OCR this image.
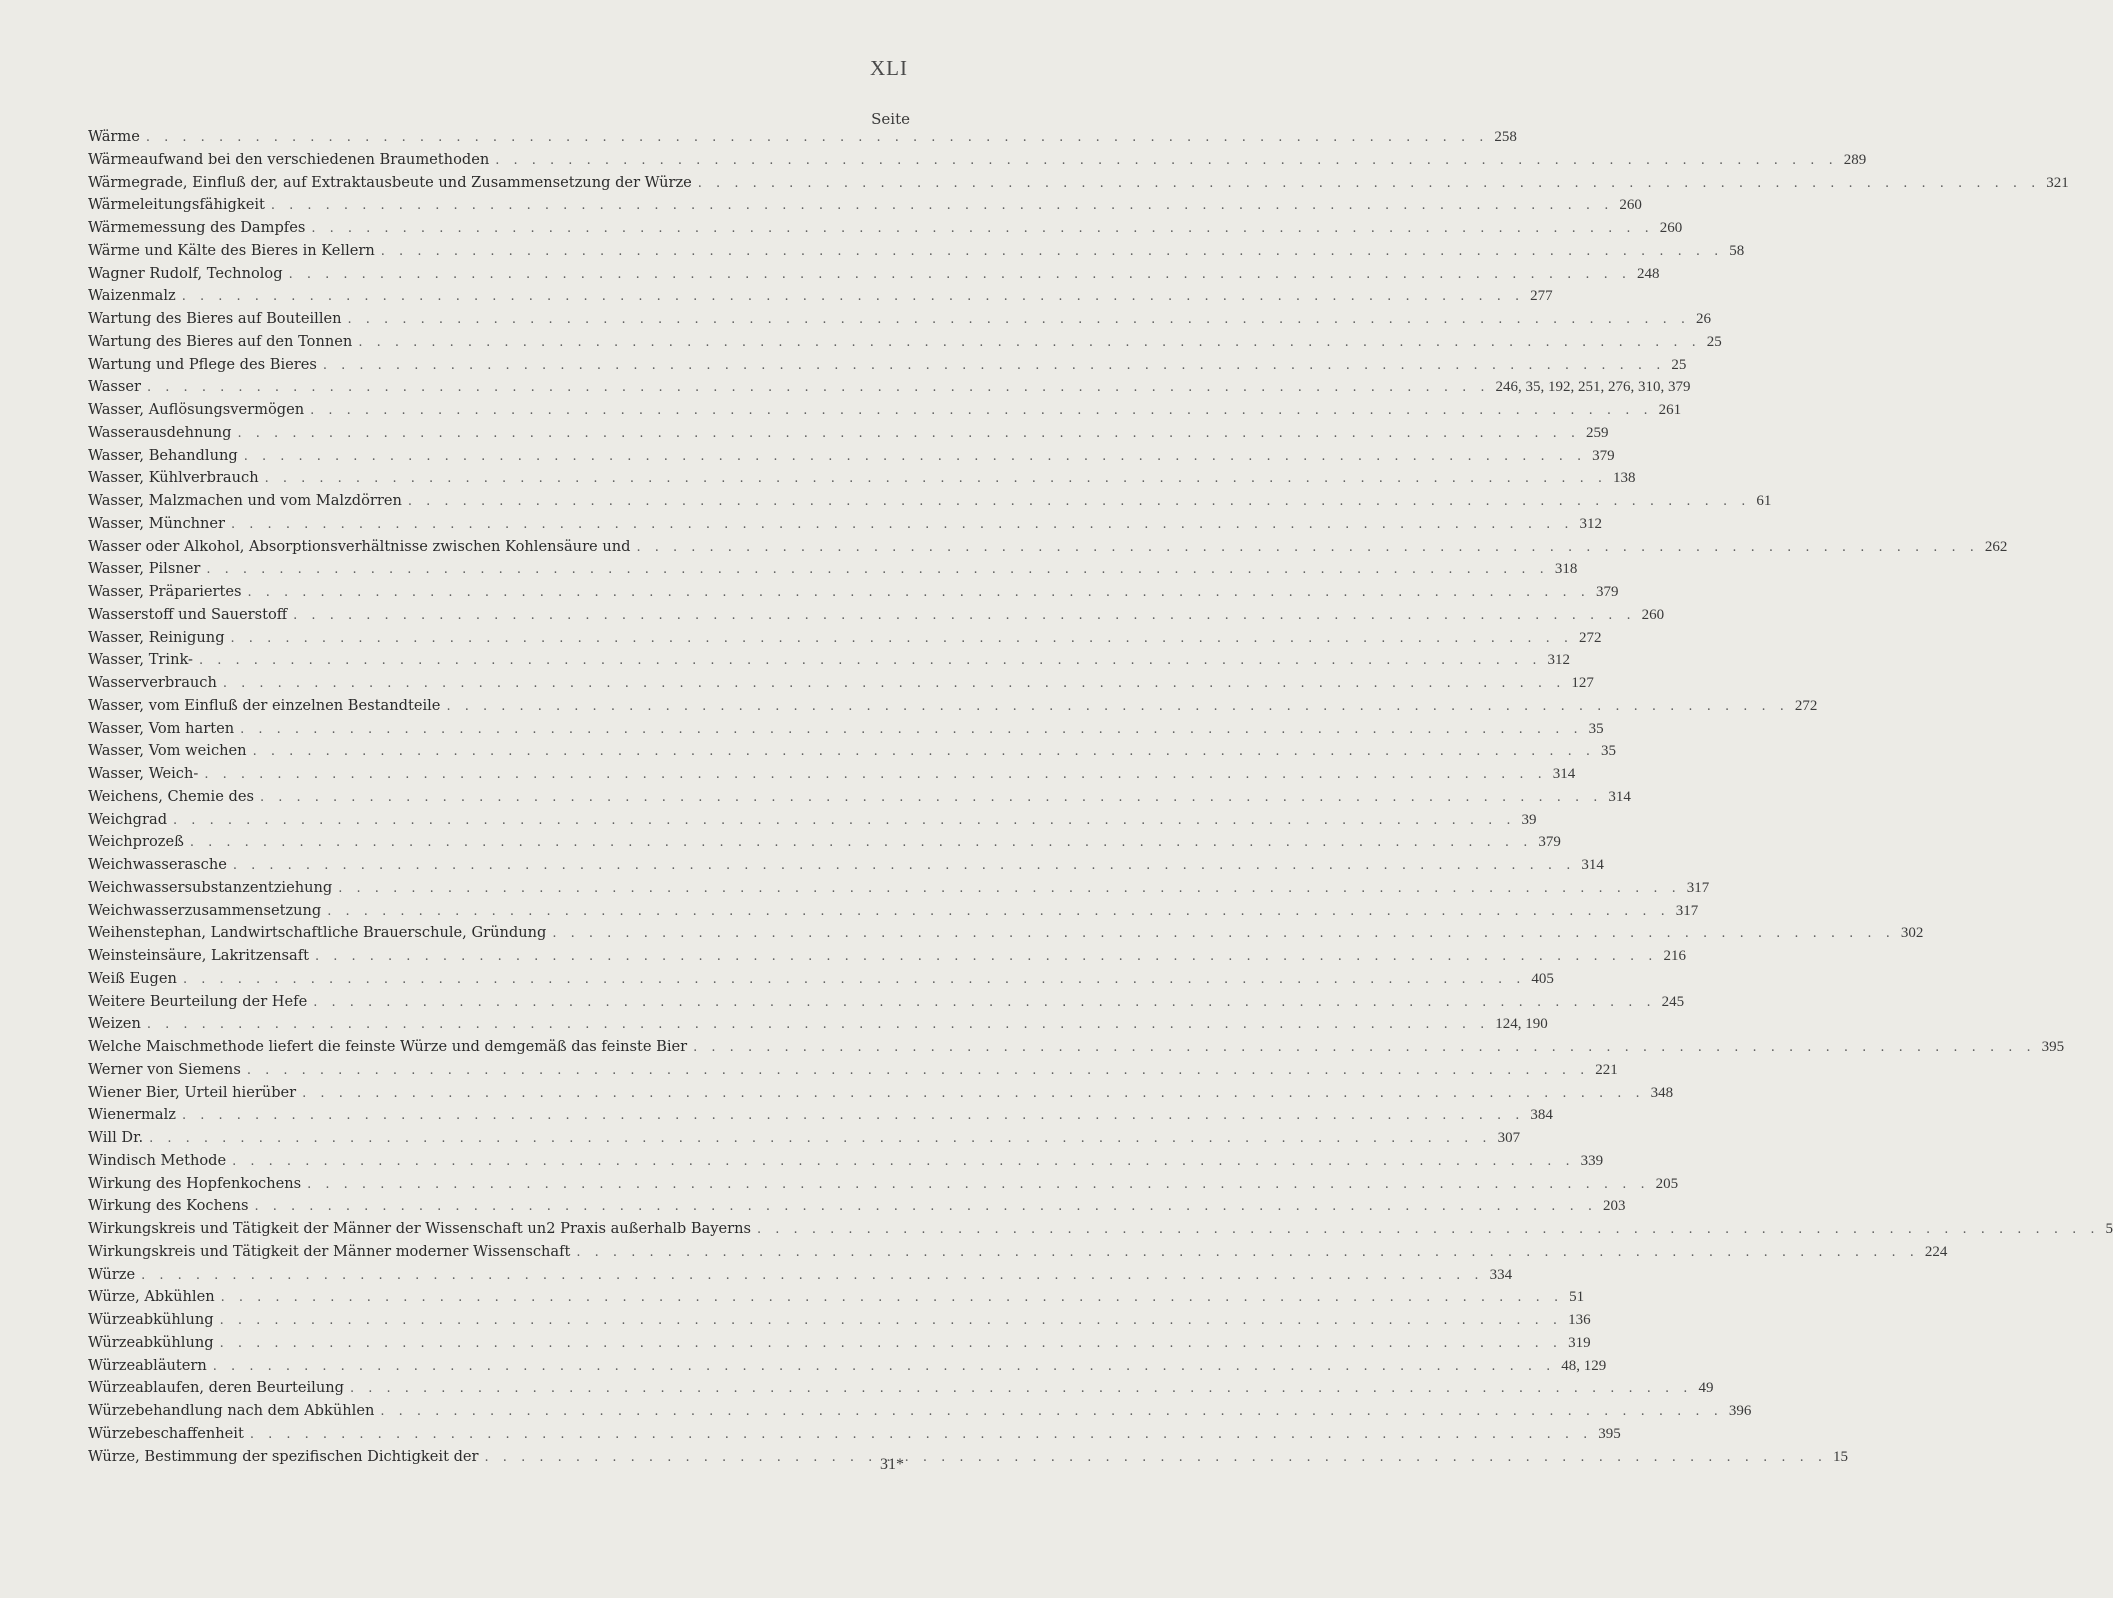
XLI
Seite
Wärme . . .	258
Wärmeaufwand bei den verschiedenen Braumethoden . . .	289
Wärmegrade, Einfluß der, auf Extraktausbeute und Zusammensetzung der Würze . . .	321
Wärmeleitungsfähigkeit . . .	260
Wärmemessung des Dampfes . . .	260
Wärme und Kälte des Bieres in Kellern . . .	58
Wagner Rudolf, Technolog . . .	248
Waizenmalz . . .	277
Wartung des Bieres auf Bouteillen . . .	26
Wartung des Bieres auf den Tonnen . . .	25
Wartung und Pflege des Bieres . . .	25
Wasser . . .	246, 35, 192, 251, 276, 310, 379
Wasser, Auflösungsvermögen . . .	261
Wasserausdehnung . . .	259
Wasser, Behandlung . . .	379
Wasser, Kühlverbrauch . . .	138
Wasser, Malzmachen und vom Malzdörren . . .	61
Wasser, Münchner . . .	312
Wasser oder Alkohol, Absorptionsverhältnisse zwischen Kohlensäure und . . .	262
Wasser, Pilsner . . .	318
Wasser, Präpariertes . . .	379
Wasserstoff und Sauerstoff . . .	260
Wasser, Reinigung . . .	272
Wasser, Trink- . . .	312
Wasserverbrauch . . .	127
Wasser, vom Einfluß der einzelnen Bestandteile . . .	272
Wasser, Vom harten . . .	35
Wasser, Vom weichen . . .	35
Wasser, Weich- . . .	314
Weichens, Chemie des . . .	314
Weichgrad . . .	39
Weichprozeß . . .	379
Weichwasserasche . . .	314
Weichwassersubstanzentziehung . . .	317
Weichwasserzusammensetzung . . .	317
Weihenstephan, Landwirtschaftliche Brauerschule, Gründung . . .	302
Weinsteinsäure, Lakritzensaft . . .	216
Weiß Eugen . . .	405
Weitere Beurteilung der Hefe . . .	245
Weizen . . .	124, 190
Welche Maischmethode liefert die feinste Würze und demgemäß das feinste Bier . . .	395
Werner von Siemens . . .	221
Wiener Bier, Urteil hierüber . . .	348
Wienermalz . . .	384
Will Dr. . . .	307
Windisch Methode . . .	339
Wirkung des Hopfenkochens . . .	205
Wirkung des Kochens . . .	203
Wirkungskreis und Tätigkeit der Männer der Wissenschaft un2 Praxis außerhalb Bayerns . . .	5
Wirkungskreis und Tätigkeit der Männer moderner Wissenschaft . . .	224
Würze . . .	334
Würze, Abkühlen . . .	51
Würzeabkühlung . . .	136
Würzeabkühlung . . .	319
Würzeabläutern . . .	48, 129
Würzeablaufen, deren Beurteilung . . .	49
Würzebehandlung nach dem Abkühlen . . .	396
Würzebeschaffenheit . . .	395
Würze, Bestimmung der spezifischen Dichtigkeit der . . .	15
31*
